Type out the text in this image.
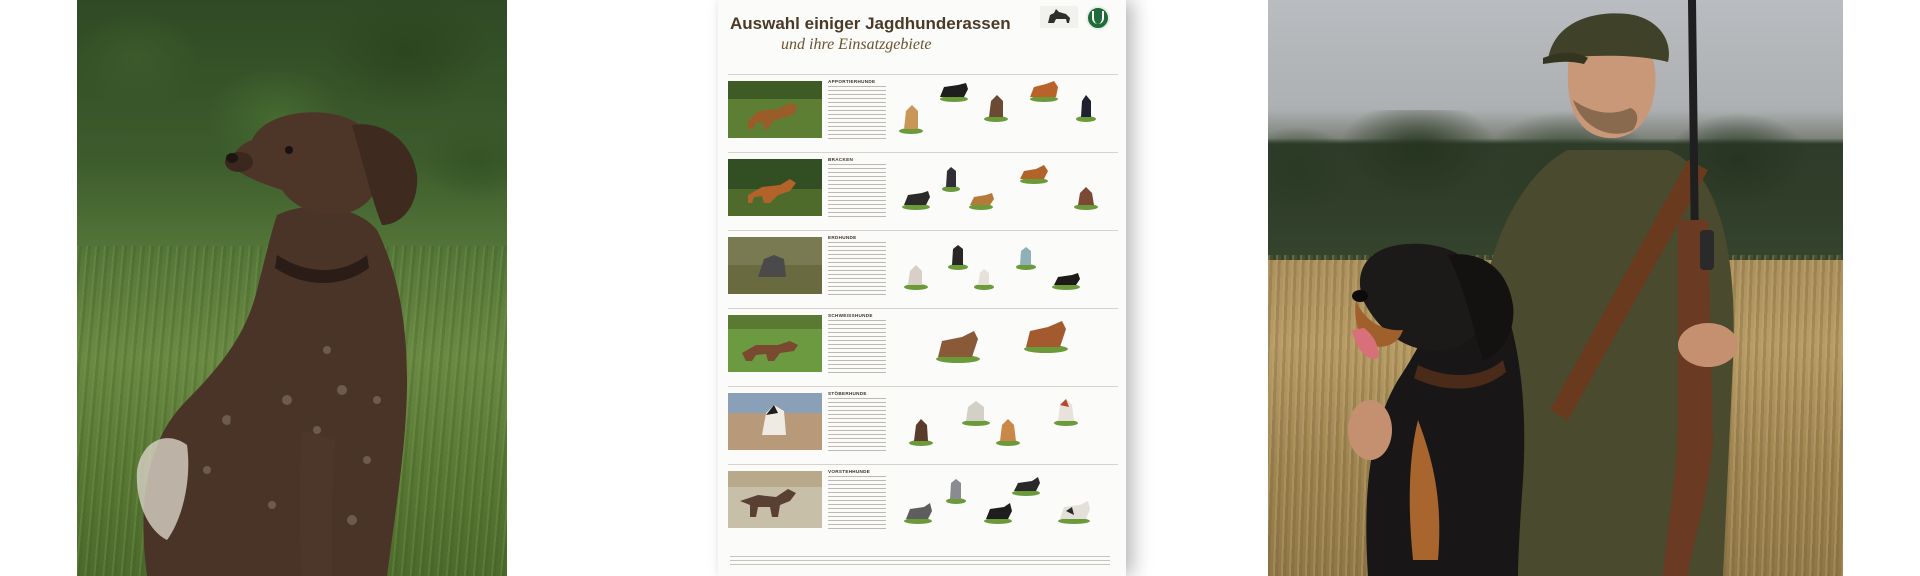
Auswahl einiger Jagdhunderassen
und ihre Einsatzgebiete
APPORTIERHUNDE
BRACKEN
ERDHUNDE
SCHWEISSHUNDE
STÖBERHUNDE
VORSTEHHUNDE
